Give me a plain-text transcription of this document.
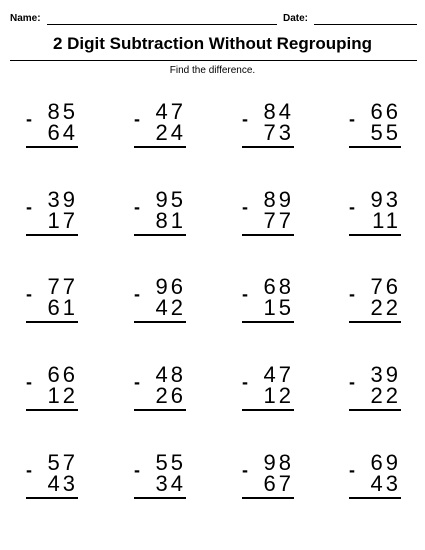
Name:	Date:
2 Digit Subtraction Without Regrouping
Find the difference.
85
-
64
47
-
24
84
-
73
66
-
55
39
-
17
95
-
81
89
-
77
93
-
11
77
-
61
96
-
42
68
-
15
76
-
22
66
-
12
48
-
26
47
-
12
39
-
22
57
-
43
55
-
34
98
-
67
69
-
43
